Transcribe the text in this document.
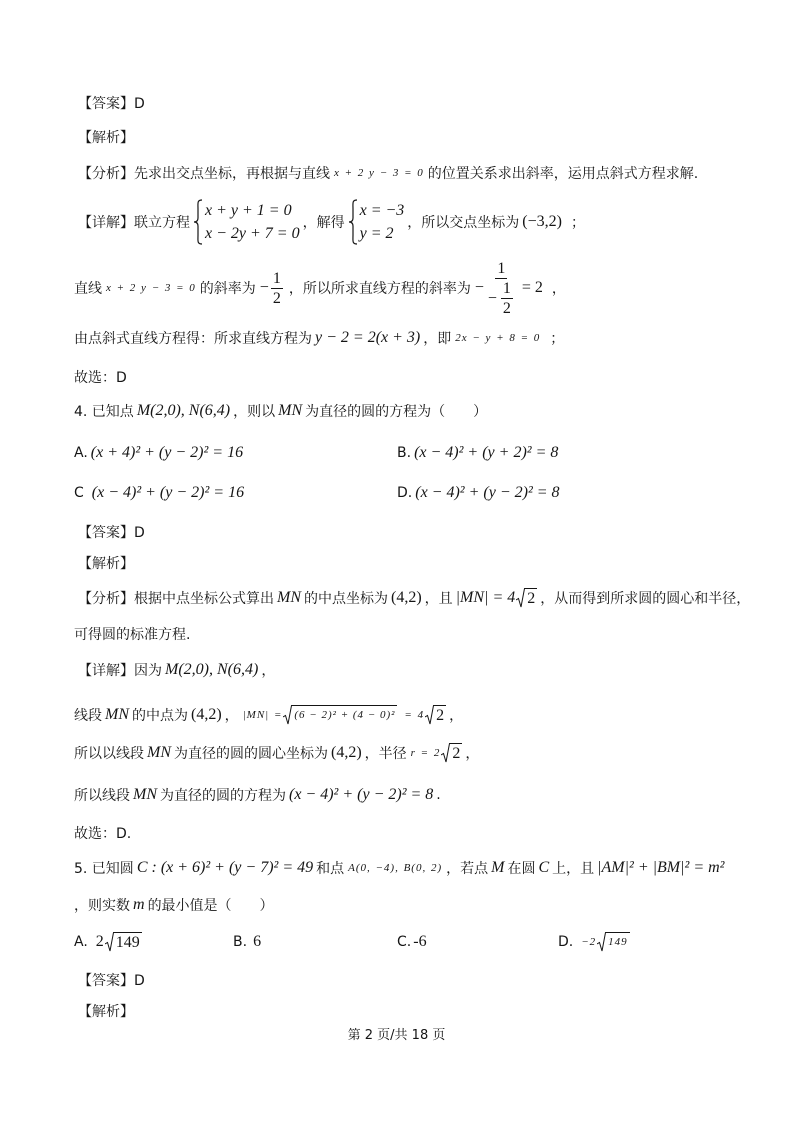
【答案】D
【解析】
【分析】 先求出交点坐标，再根据与直线 x + 2 y − 3 = 0 的位置关系求出斜率，运用点斜式方程求解.
【详解】 联立方程
x + y + 1 = 0
x − 2y + 7 = 0
，解得
x = −3
y = 2
，所以交点坐标为 (−3,2) ；
直线 x + 2 y − 3 = 0 的斜率为 − $\frac{1}{2}$ ，所以所求直线方程的斜率为 − $\frac{1}{- \frac{1}{2}} = 2$ ，
由点斜式直线方程得：所求直线方程为 y − 2 = 2(x + 3) ，即 2x − y + 8 = 0 ；
故选：D
4. 已知点 M(2,0), N(6,4) ，则以 MN 为直径的圆的方程为（　　）
A. (x + 4)² + (y − 2)² = 16	B. (x − 4)² + (y + 2)² = 8
C (x − 4)² + (y − 2)² = 16	D. (x − 4)² + (y − 2)² = 8
【答案】D
【解析】
【分析】 根据中点坐标公式算出 MN 的中点坐标为 (4,2) ，且 |MN| = 4 2 ，从而得到所求圆的圆心和半径，
可得圆的标准方程.
【详解】 因为 M(2,0), N(6,4) ，
线段 MN 的中点为 (4,2) ， |MN| = (6 − 2)² + (4 − 0)² = 4 2 ，
所以以线段 MN 为直径的圆的圆心坐标为 (4,2) ，半径 r = 2 2 ，
所以线段 MN 为直径的圆的方程为 (x − 4)² + (y − 2)² = 8 .
故选：D.
5. 已知圆 C : (x + 6)² + (y − 7)² = 49 和点 A(0, −4), B(0, 2) ，若点 M 在圆 C 上，且 |AM|² + |BM|² = m²
，则实数 m 的最小值是（　　）
A. 2 149	B. 6	C. -6	D. −2 149
【答案】D
【解析】
第 2 页/共 18 页
